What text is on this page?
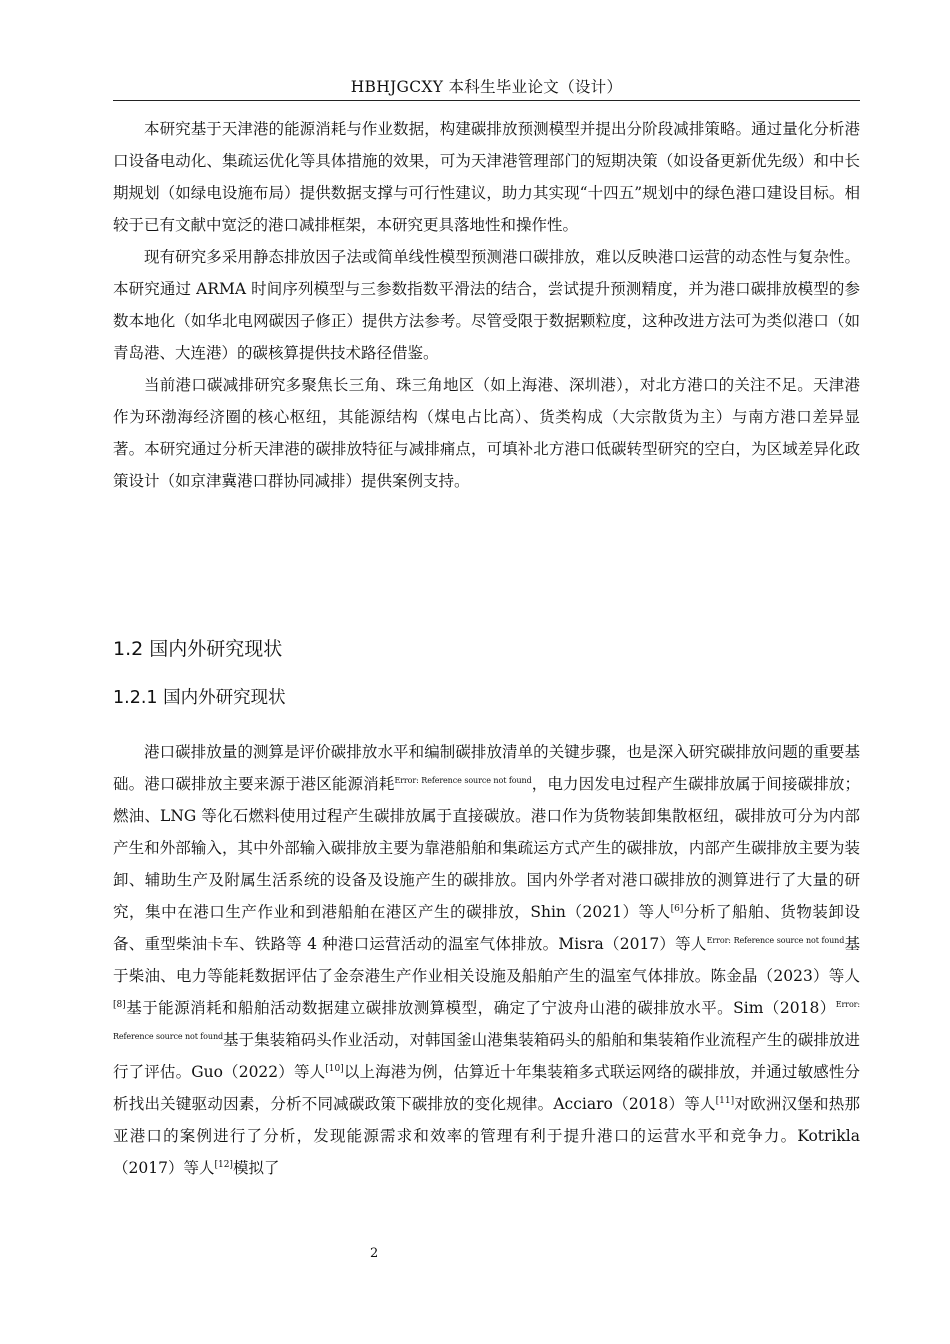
HBHJGCXY 本科生毕业论文（设计）

本研究基于天津港的能源消耗与作业数据，构建碳排放预测模型并提出分阶段减排策略。通过量化分析港口设备电动化、集疏运优化等具体措施的效果，可为天津港管理部门的短期决策（如设备更新优先级）和中长期规划（如绿电设施布局）提供数据支撑与可行性建议，助力其实现“十四五”规划中的绿色港口建设目标。相较于已有文献中宽泛的港口减排框架，本研究更具落地性和操作性。

现有研究多采用静态排放因子法或简单线性模型预测港口碳排放，难以反映港口运营的动态性与复杂性。本研究通过 ARMA 时间序列模型与三参数指数平滑法的结合，尝试提升预测精度，并为港口碳排放模型的参数本地化（如华北电网碳因子修正）提供方法参考。尽管受限于数据颗粒度，这种改进方法可为类似港口（如青岛港、大连港）的碳核算提供技术路径借鉴。

当前港口碳减排研究多聚焦长三角、珠三角地区（如上海港、深圳港），对北方港口的关注不足。天津港作为环渤海经济圈的核心枢纽，其能源结构（煤电占比高）、货类构成（大宗散货为主）与南方港口差异显著。本研究通过分析天津港的碳排放特征与减排痛点，可填补北方港口低碳转型研究的空白，为区域差异化政策设计（如京津冀港口群协同减排）提供案例支持。

1.2 国内外研究现状
1.2.1 国内外研究现状

港口碳排放量的测算是评价碳排放水平和编制碳排放清单的关键步骤，也是深入研究碳排放问题的重要基础。港口碳排放主要来源于港区能源消耗$^{Error: Reference source not found}$，电力因发电过程产生碳排放属于间接碳排放；燃油、LNG 等化石燃料使用过程产生碳排放属于直接碳放。港口作为货物装卸集散枢纽，碳排放可分为内部产生和外部输入，其中外部输入碳排放主要为靠港船舶和集疏运方式产生的碳排放，内部产生碳排放主要为装卸、辅助生产及附属生活系统的设备及设施产生的碳排放。国内外学者对港口碳排放的测算进行了大量的研究，集中在港口生产作业和到港船舶在港区产生的碳排放，Shin（2021）等人[6]分析了船舶、货物装卸设备、重型柴油卡车、铁路等 4 种港口运营活动的温室气体排放。Misra（2017）等人$^{Error: Reference source not found}$基于柴油、电力等能耗数据评估了金奈港生产作业相关设施及船舶产生的温室气体排放。陈金晶（2023）等人[8]基于能源消耗和船舶活动数据建立碳排放测算模型，确定了宁波舟山港的碳排放水平。$Sim(2018)^{Error: Reference source not found}$基于集装箱码头作业活动，对韩国釜山港集装箱码头的船舶和集装箱作业流程产生的碳排放进行了评估。Guo（2022）等人[10]以上海港为例，估算近十年集装箱多式联运网络的碳排放，并通过敏感性分析找出关键驱动因素，分析不同减碳政策下碳排放的变化规律。Acciaro（2018）等人[11]对欧洲汉堡和热那亚港口的案例进行了分析，发现能源需求和效率的管理有利于提升港口的运营水平和竞争力。Kotrikla（2017）等人[12]模拟了

2
